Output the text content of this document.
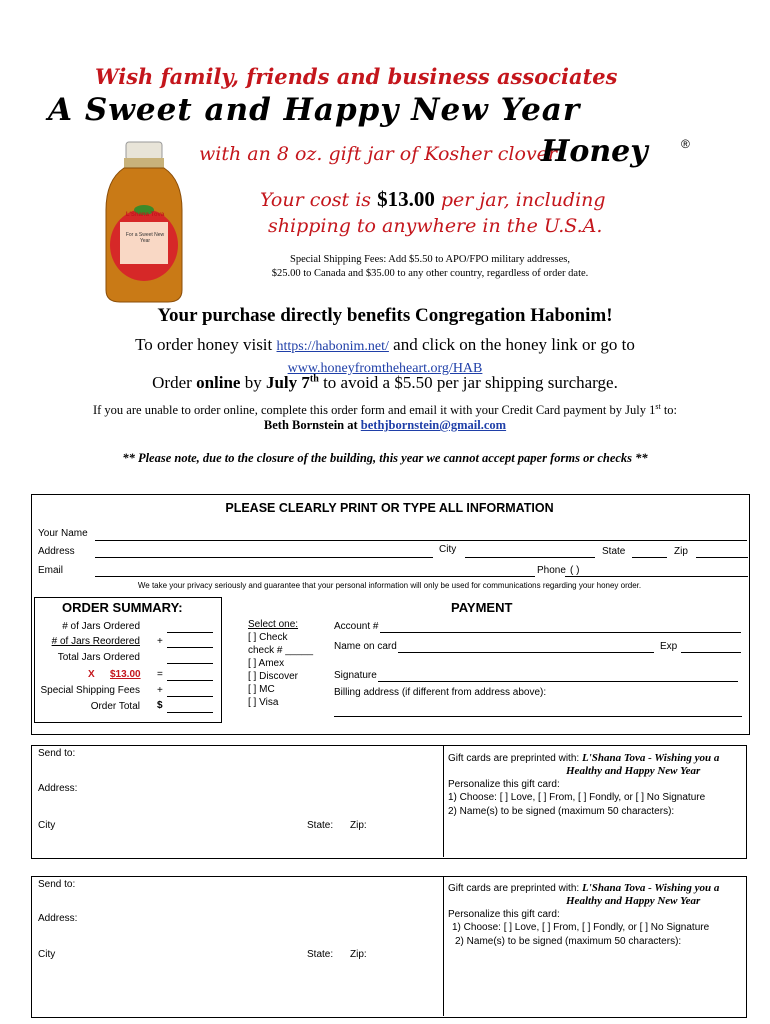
Wish family, friends and business associates
A Sweet and Happy New Year
with an 8 oz. gift jar of Kosher clover
Honey	®
L'Shana Tova
For a Sweet New Year
Your cost is $13.00 per jar, including
shipping to anywhere in the U.S.A.
Special Shipping Fees: Add $5.50 to APO/FPO military addresses,
$25.00 to Canada and $35.00 to any other country, regardless of order date.
Your purchase directly benefits Congregation Habonim!
To order honey visit https://habonim.net/ and click on the honey link or go to
www.honeyfromtheheart.org/HAB
Order online by July 7th to avoid a $5.50 per jar shipping surcharge.
If you are unable to order online, complete this order form and email it with your Credit Card payment by July 1st to:
Beth Bornstein at bethjbornstein@gmail.com
** Please note, due to the closure of the building, this year we cannot accept paper forms or checks **
PLEASE CLEARLY PRINT OR TYPE ALL INFORMATION
Your Name
Address	City	State	Zip
Email	Phone ( )
We take your privacy seriously and guarantee that your personal information will only be used for communications regarding your honey order.
ORDER SUMMARY:
# of Jars Ordered
# of Jars Reordered +
Total Jars Ordered
X $13.00 =
Special Shipping Fees +
Order Total $
Select one:
[ ] Check
check # _____
[ ] Amex
[ ] Discover
[ ] MC
[ ] Visa
PAYMENT
Account #
Name on card	Exp
Signature
Billing address (if different from address above):
Send to:
Address:
City	State: Zip:
Gift cards are preprinted with: L'Shana Tova - Wishing you a
Healthy and Happy New Year
Personalize this gift card:
1) Choose: [ ] Love, [ ] From, [ ] Fondly, or [ ] No Signature
2) Name(s) to be signed (maximum 50 characters):
Send to:
Address:
City	State: Zip:
Gift cards are preprinted with: L'Shana Tova - Wishing you a
Healthy and Happy New Year
Personalize this gift card:
1) Choose: [ ] Love, [ ] From, [ ] Fondly, or [ ] No Signature
2) Name(s) to be signed (maximum 50 characters):
